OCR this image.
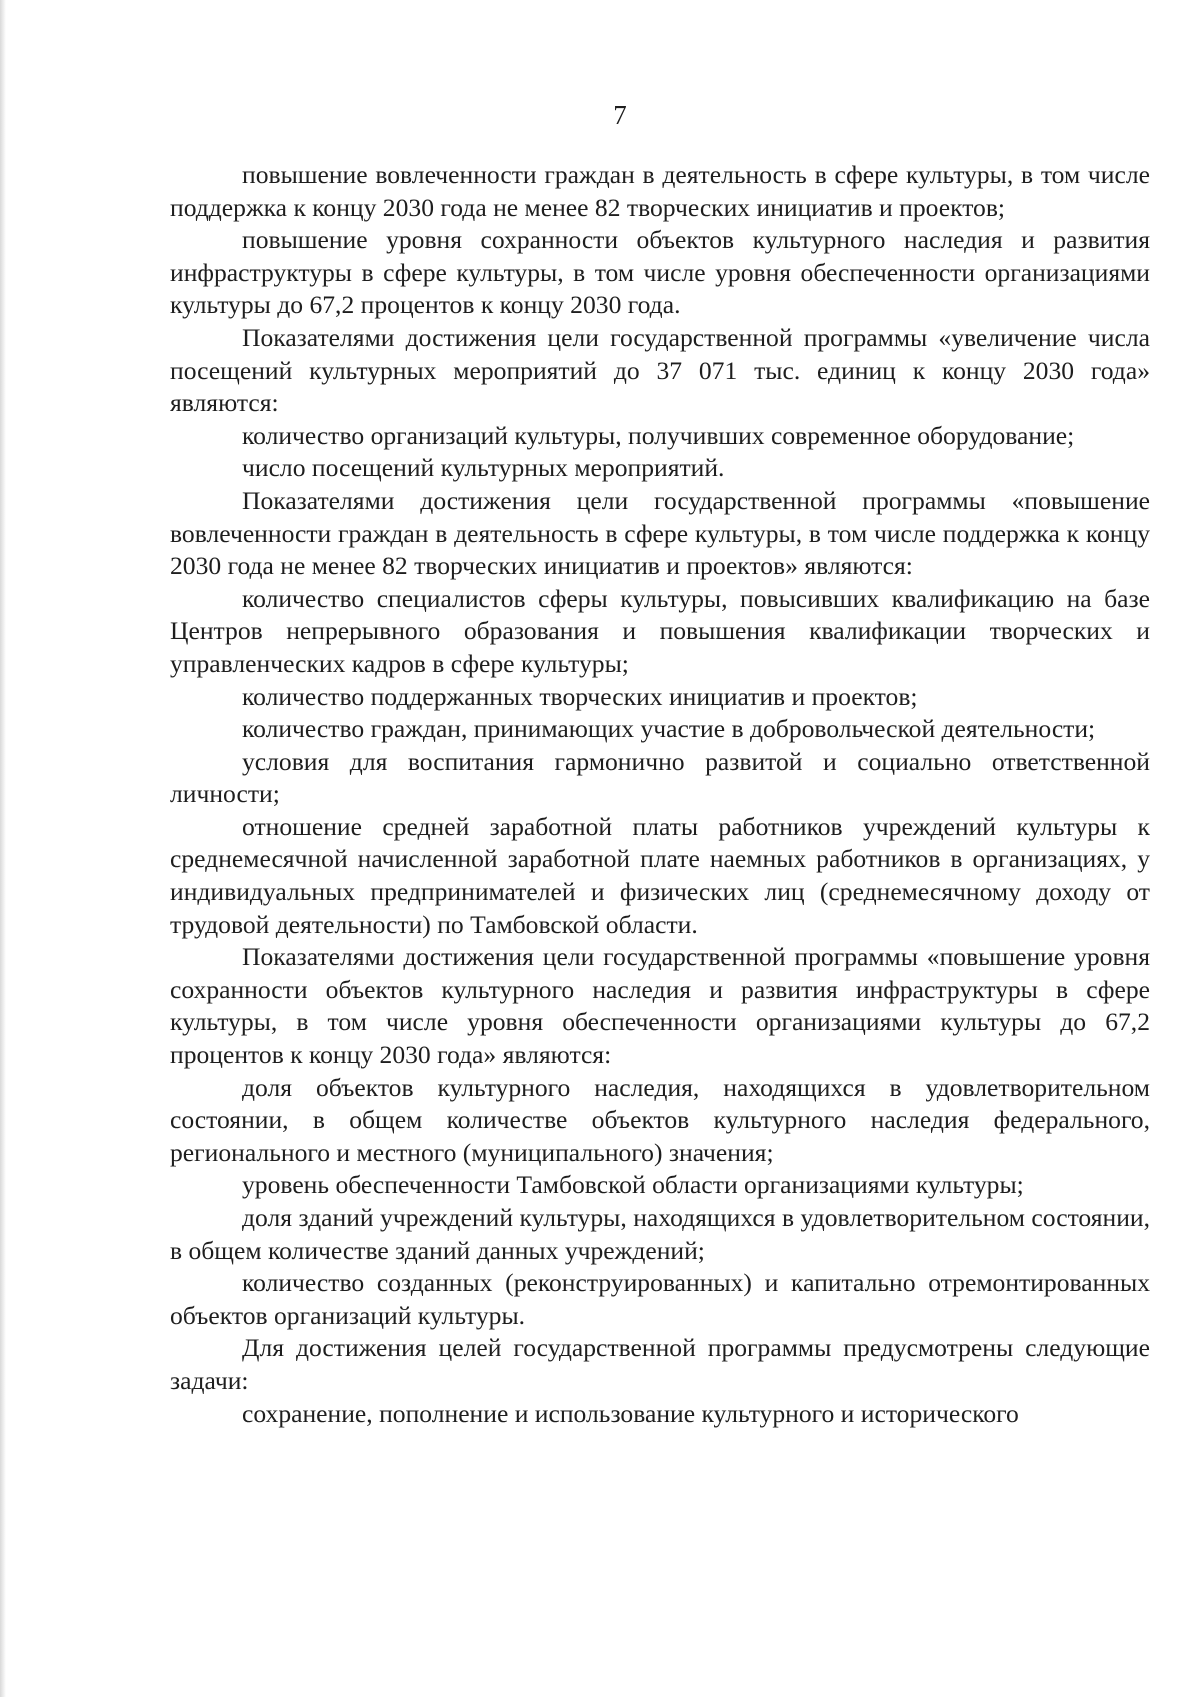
7

повышение вовлеченности граждан в деятельность в сфере культуры, в том числе поддержка к концу 2030 года не менее 82 творческих инициатив и проектов;

повышение уровня сохранности объектов культурного наследия и развития инфраструктуры в сфере культуры, в том числе уровня обеспеченности организациями культуры до 67,2 процентов к концу 2030 года.

Показателями достижения цели государственной программы «увеличение числа посещений культурных мероприятий до 37 071 тыс. единиц к концу 2030 года» являются:

количество организаций культуры, получивших современное оборудование;

число посещений культурных мероприятий.

Показателями достижения цели государственной программы «повышение вовлеченности граждан в деятельность в сфере культуры, в том числе поддержка к концу 2030 года не менее 82 творческих инициатив и проектов» являются:

количество специалистов сферы культуры, повысивших квалификацию на базе Центров непрерывного образования и повышения квалификации творческих и управленческих кадров в сфере культуры;

количество поддержанных творческих инициатив и проектов;

количество граждан, принимающих участие в добровольческой деятельности;

условия для воспитания гармонично развитой и социально ответственной личности;

отношение средней заработной платы работников учреждений культуры к среднемесячной начисленной заработной плате наемных работников в организациях, у индивидуальных предпринимателей и физических лиц (среднемесячному доходу от трудовой деятельности) по Тамбовской области.

Показателями достижения цели государственной программы «повышение уровня сохранности объектов культурного наследия и развития инфраструктуры в сфере культуры, в том числе уровня обеспеченности организациями культуры до 67,2 процентов к концу 2030 года» являются:

доля объектов культурного наследия, находящихся в удовлетворительном состоянии, в общем количестве объектов культурного наследия федерального, регионального и местного (муниципального) значения;

уровень обеспеченности Тамбовской области организациями культуры;

доля зданий учреждений культуры, находящихся в удовлетворительном состоянии, в общем количестве зданий данных учреждений;

количество созданных (реконструированных) и капитально отремонтированных объектов организаций культуры.

Для достижения целей государственной программы предусмотрены следующие задачи:

сохранение, пополнение и использование культурного и исторического
